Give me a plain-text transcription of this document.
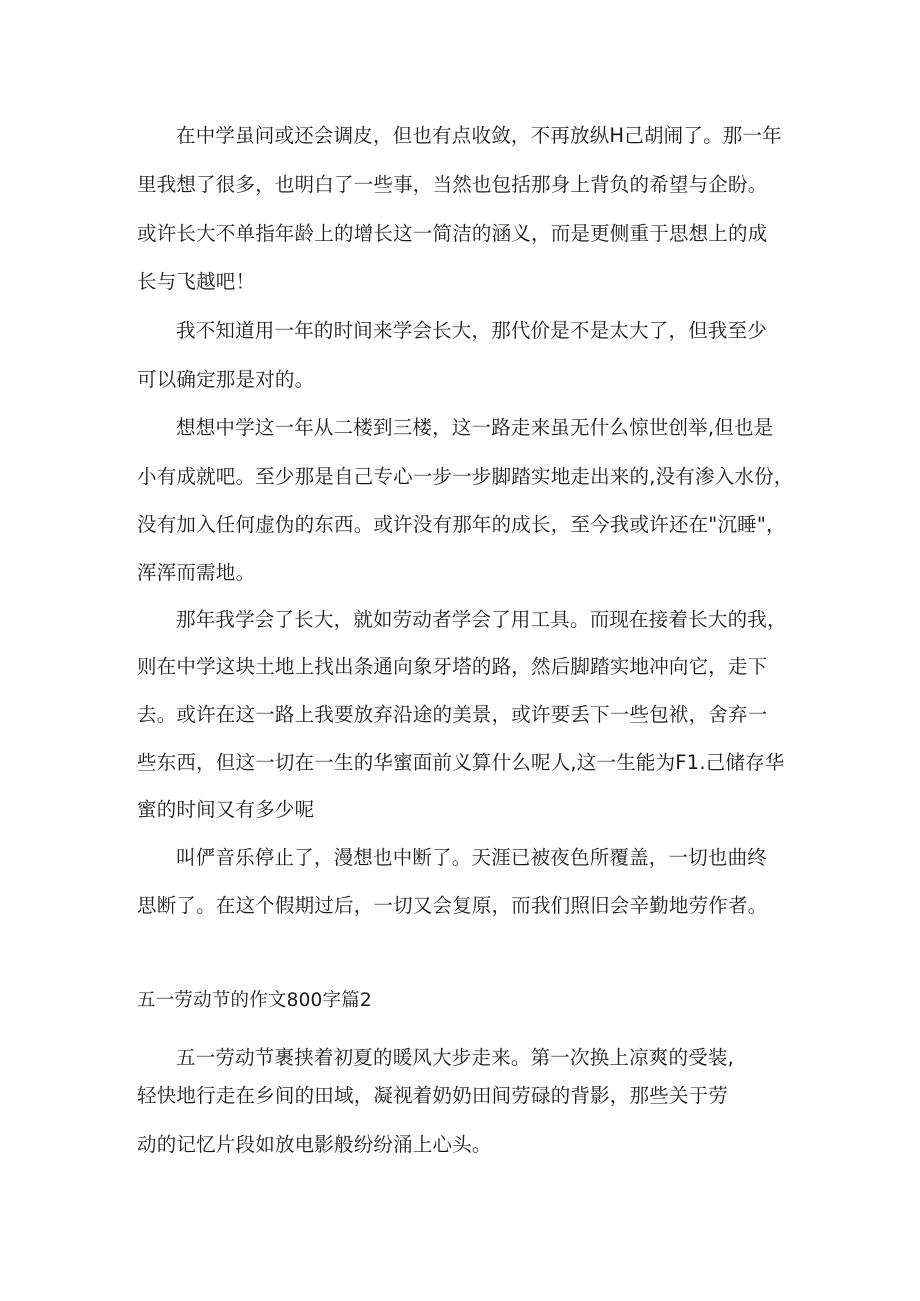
在中学虽问或还会调皮，但也有点收敛，不再放纵H己胡闹了。那一年
里我想了很多，也明白了一些事，当然也包括那身上背负的希望与企盼。
或许长大不单指年龄上的增长这一简洁的涵义，而是更侧重于思想上的成
长与飞越吧！
我不知道用一年的时间来学会长大，那代价是不是太大了，但我至少
可以确定那是对的。
想想中学这一年从二楼到三楼，这一路走来虽无什么惊世创举,但也是
小有成就吧。至少那是自己专心一步一步脚踏实地走出来的,没有渗入水份，
没有加入任何虚伪的东西。或许没有那年的成长，至今我或许还在"沉睡"，
浑浑而需地。
那年我学会了长大，就如劳动者学会了用工具。而现在接着长大的我，
则在中学这块土地上找出条通向象牙塔的路，然后脚踏实地冲向它，走下
去。或许在这一路上我要放弃沿途的美景，或许要丢下一些包袱，舍弃一
些东西，但这一切在一生的华蜜面前义算什么呢人,这一生能为F1.己储存华
蜜的时间又有多少呢
叫俨音乐停止了，漫想也中断了。天涯已被夜色所覆盖，一切也曲终
思断了。在这个假期过后，一切又会复原，而我们照旧会辛勤地劳作者。
五一劳动节的作文800字篇2
五一劳动节裹挟着初夏的暖风大步走来。第一次换上凉爽的受装,
轻快地行走在乡间的田域，凝视着奶奶田间劳碌的背影，那些关于劳
动的记忆片段如放电影般纷纷涌上心头。
